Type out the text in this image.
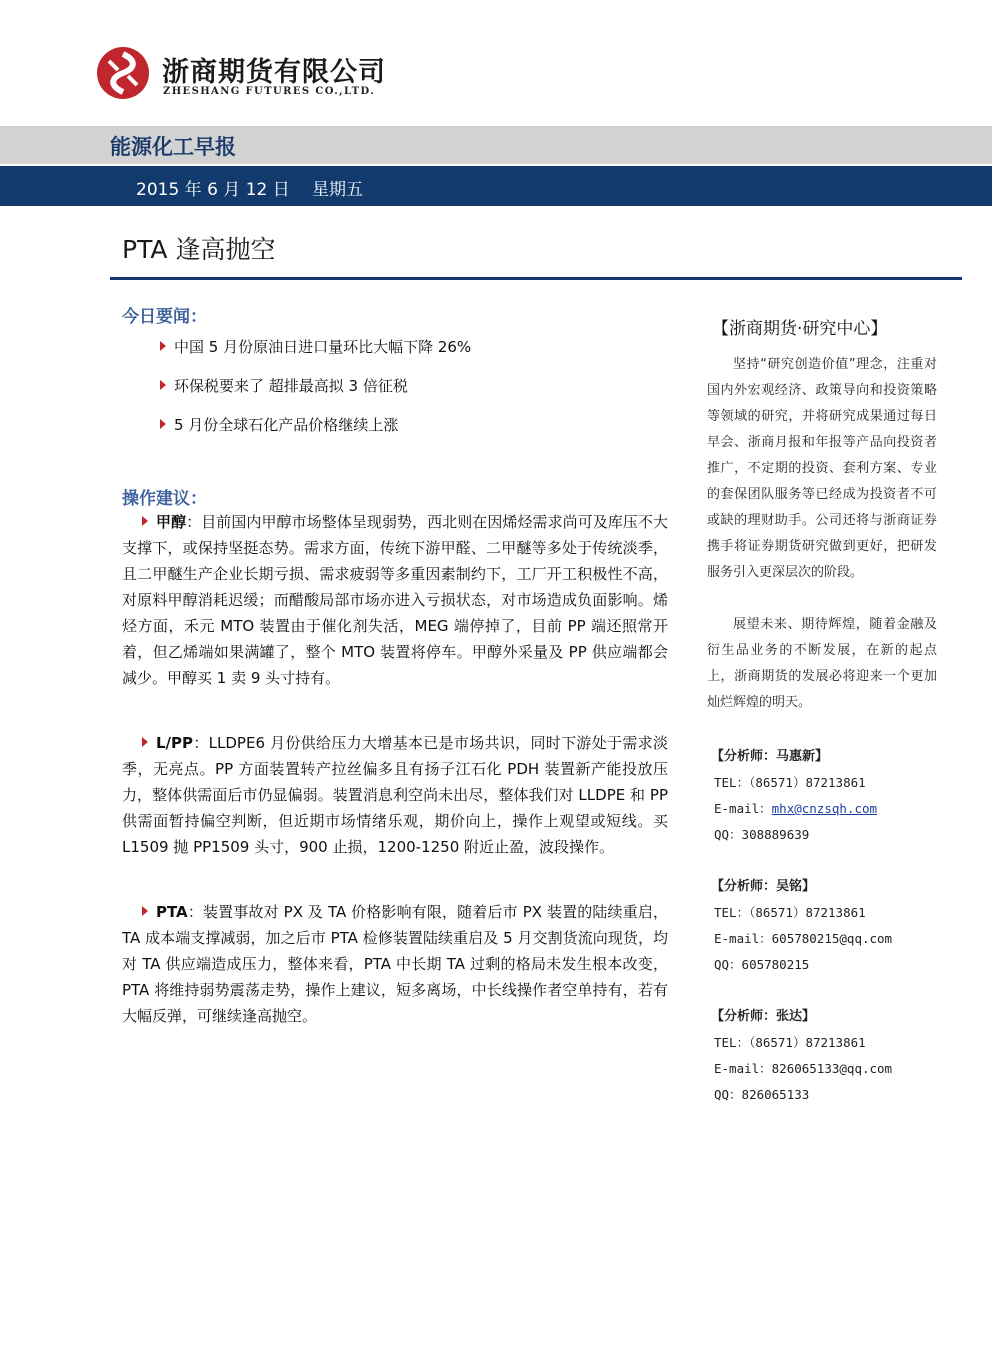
浙商期货有限公司
ZHESHANG FUTURES CO.,LTD.
能源化工早报
2015 年 6 月 12 日 星期五
PTA 逢高抛空
今日要闻：
中国 5 月份原油日进口量环比大幅下降 26%
环保税要来了 超排最高拟 3 倍征税
5 月份全球石化产品价格继续上涨
操作建议：
甲醇：目前国内甲醇市场整体呈现弱势，西北则在因烯烃需求尚可及库压不大支撑下，或保持坚挺态势。需求方面，传统下游甲醛、二甲醚等多处于传统淡季，且二甲醚生产企业长期亏损、需求疲弱等多重因素制约下，工厂开工积极性不高，对原料甲醇消耗迟缓；而醋酸局部市场亦进入亏损状态，对市场造成负面影响。烯烃方面，禾元 MTO 装置由于催化剂失活，MEG 端停掉了，目前 PP 端还照常开着，但乙烯端如果满罐了，整个 MTO 装置将停车。甲醇外采量及 PP 供应端都会减少。甲醇买 1 卖 9 头寸持有。
L/PP：LLDPE6 月份供给压力大增基本已是市场共识，同时下游处于需求淡季，无亮点。PP 方面装置转产拉丝偏多且有扬子江石化 PDH 装置新产能投放压力，整体供需面后市仍显偏弱。装置消息利空尚未出尽，整体我们对 LLDPE 和 PP 供需面暂持偏空判断，但近期市场情绪乐观，期价向上，操作上观望或短线。买 L1509 抛 PP1509 头寸，900 止损，1200-1250 附近止盈，波段操作。
PTA：装置事故对 PX 及 TA 价格影响有限，随着后市 PX 装置的陆续重启，TA 成本端支撑减弱，加之后市 PTA 检修装置陆续重启及 5 月交割货流向现货，均对 TA 供应端造成压力，整体来看，PTA 中长期 TA 过剩的格局未发生根本改变，PTA 将维持弱势震荡走势，操作上建议，短多离场，中长线操作者空单持有，若有大幅反弹，可继续逢高抛空。
【浙商期货·研究中心】
坚持“研究创造价值”理念，注重对国内外宏观经济、政策导向和投资策略等领域的研究，并将研究成果通过每日早会、浙商月报和年报等产品向投资者推广，不定期的投资、套利方案、专业的套保团队服务等已经成为投资者不可或缺的理财助手。公司还将与浙商证券携手将证券期货研究做到更好，把研发服务引入更深层次的阶段。
展望未来、期待辉煌，随着金融及衍生品业务的不断发展，在新的起点上，浙商期货的发展必将迎来一个更加灿烂辉煌的明天。
【分析师：马惠新】
TEL：（86571）87213861
E-mail：mhx@cnzsqh.com
QQ：308889639
【分析师：吴铭】
TEL：（86571）87213861
E-mail：605780215@qq.com
QQ：605780215
【分析师：张达】
TEL：（86571）87213861
E-mail：826065133@qq.com
QQ：826065133
